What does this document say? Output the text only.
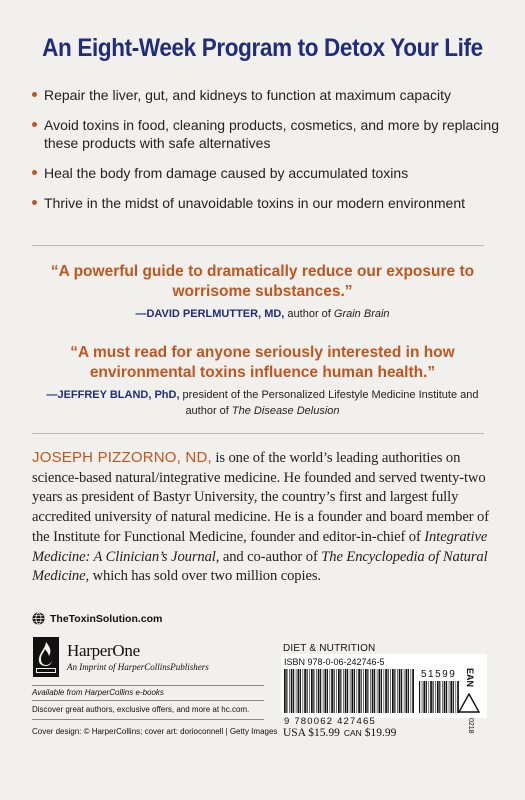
An Eight-Week Program to Detox Your Life
Repair the liver, gut, and kidneys to function at maximum capacity
Avoid toxins in food, cleaning products, cosmetics, and more by replacing these products with safe alternatives
Heal the body from damage caused by accumulated toxins
Thrive in the midst of unavoidable toxins in our modern environment
“A powerful guide to dramatically reduce our exposure to worrisome substances.”
—DAVID PERLMUTTER, MD, author of Grain Brain
“A must read for anyone seriously interested in how environmental toxins influence human health.”
—JEFFREY BLAND, PhD, president of the Personalized Lifestyle Medicine Institute and author of The Disease Delusion
JOSEPH PIZZORNO, ND, is one of the world’s leading authorities on science-based natural/integrative medicine. He founded and served twenty-two years as president of Bastyr University, the country’s first and largest fully accredited university of natural medicine. He is a founder and board member of the Institute for Functional Medicine, founder and editor-in-chief of Integrative Medicine: A Clinician’s Journal, and co-author of The Encyclopedia of Natural Medicine, which has sold over two million copies.
TheToxinSolution.com
HarperOne
An Imprint of HarperCollinsPublishers
Available from HarperCollins e-books
Discover great authors, exclusive offers, and more at hc.com.
Cover design: © HarperCollins; cover art: dorioconnell | Getty Images
DIET & NUTRITION
ISBN 978-0-06-242746-5
51599 EAN
9 780062 427465	0218
USA $15.99 CAN $19.99
